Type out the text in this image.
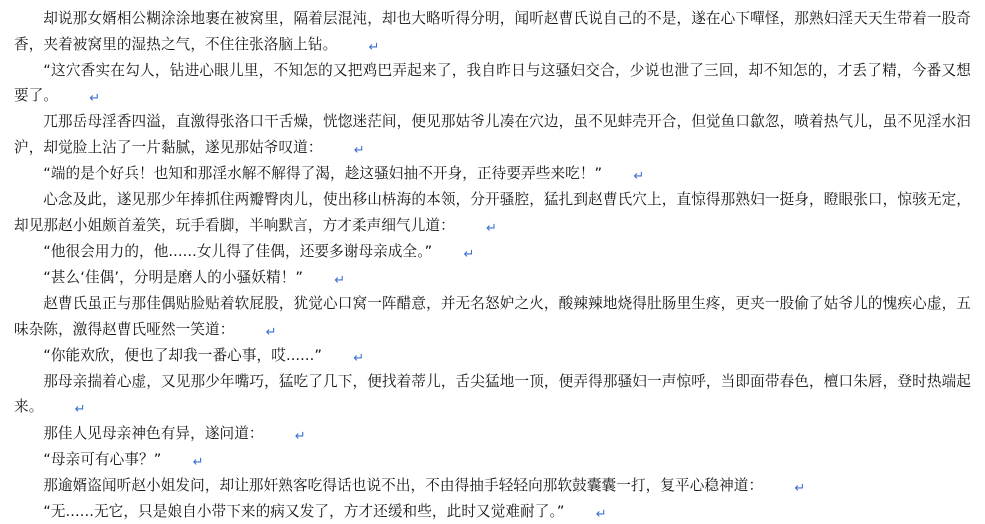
却说那女婿相公糊涂涂地裹在被窝里，隔着层混沌，却也大略听得分明，闻听赵曹氏说自己的不是，遂在心下嘽怪，那熟妇淫天天生带着一股奇香，夹着被窝里的湿热之气，不住往张洛脑上钻。 ↵
“这穴香实在勾人，钻进心眼儿里，不知怎的又把鸡巴弄起来了，我自昨日与这骚妇交合，少说也泄了三回，却不知怎的，才丢了精，今番又想要了。 ↵
兀那岳母淫香四溢，直激得张洛口干舌燥，恍惚迷茫间，便见那姑爷儿凑在穴边，虽不见蚌壳开合，但觉鱼口歙忽，喷着热气儿，虽不见淫水汩沪，却觉脸上沾了一片黏腻，遂见那姑爷叹道： ↵
“端的是个好兵！也知和那淫水解不解得了渴，趁这骚妇抽不开身，正待要弄些来吃！” ↵
心念及此，遂见那少年捧抓住两瓣臀肉儿，使出移山枿海的本领，分开骚腔，猛扎到赵曹氏穴上，直惊得那熟妇一挺身，瞪眼张口，惊骇无定，却见那赵小姐颇首羞笑，玩手看脚，半响默言，方才柔声细气儿道： ↵
“他很会用力的，他......女儿得了佳偶，还要多谢母亲成全。” ↵
“甚么‘佳偶’，分明是磨人的小骚妖精！” ↵
赵曹氏虽正与那佳偶贴脸贴着软屁股，犹觉心口窝一阵醋意，并无名怒妒之火，酸辣辣地烧得肚肠里生疼，更夹一股偷了姑爷儿的愧疾心虚，五味杂陈，激得赵曹氏哑然一笑道： ↵
“你能欢欣，便也了却我一番心事，哎......” ↵
那母亲揣着心虚，又见那少年嘴巧，猛吃了几下，便找着蒂儿，舌尖猛地一顶，便弄得那骚妇一声惊呼，当即面带春色，檀口朱唇，登时热端起来。 ↵
那佳人见母亲神色有异，遂问道： ↵
“母亲可有心事？” ↵
那逾婿盗闻听赵小姐发问，却让那奸熟客吃得话也说不出，不由得抽手轻轻向那软鼓囊囊一打，复平心稳神道： ↵
“无......无它，只是娘自小带下来的病又发了，方才还缓和些，此时又觉难耐了。” ↵
